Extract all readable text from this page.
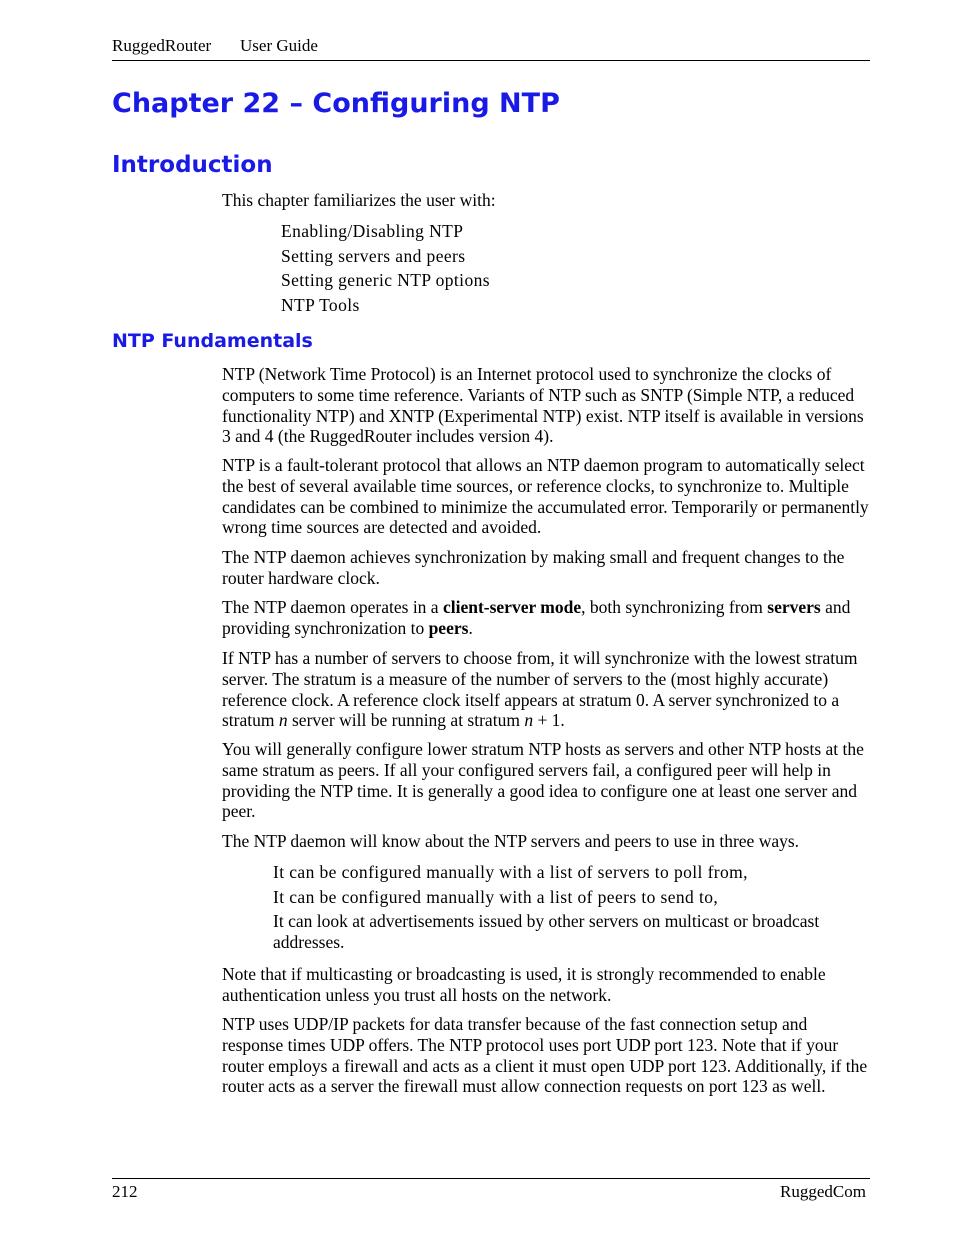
RuggedRouter User Guide
Chapter 22 – Configuring NTP
Introduction

This chapter familiarizes the user with:

Enabling/Disabling NTP
Setting servers and peers
Setting generic NTP options
NTP Tools
NTP Fundamentals

NTP (Network Time Protocol) is an Internet protocol used to synchronize the clocks of computers to some time reference. Variants of NTP such as SNTP (Simple NTP, a reduced functionality NTP) and XNTP (Experimental NTP) exist. NTP itself is available in versions 3 and 4 (the RuggedRouter includes version 4).

NTP is a fault-tolerant protocol that allows an NTP daemon program to automatically select the best of several available time sources, or reference clocks, to synchronize to. Multiple candidates can be combined to minimize the accumulated error. Temporarily or permanently wrong time sources are detected and avoided.

The NTP daemon achieves synchronization by making small and frequent changes to the router hardware clock.

The NTP daemon operates in a client-server mode, both synchronizing from servers and providing synchronization to peers.

If NTP has a number of servers to choose from, it will synchronize with the lowest stratum server. The stratum is a measure of the number of servers to the (most highly accurate) reference clock. A reference clock itself appears at stratum 0. A server synchronized to a stratum n server will be running at stratum n + 1.

You will generally configure lower stratum NTP hosts as servers and other NTP hosts at the same stratum as peers. If all your configured servers fail, a configured peer will help in providing the NTP time. It is generally a good idea to configure one at least one server and peer.

The NTP daemon will know about the NTP servers and peers to use in three ways.

It can be configured manually with a list of servers to poll from,
It can be configured manually with a list of peers to send to,
It can look at advertisements issued by other servers on multicast or broadcast addresses.

Note that if multicasting or broadcasting is used, it is strongly recommended to enable authentication unless you trust all hosts on the network.

NTP uses UDP/IP packets for data transfer because of the fast connection setup and response times UDP offers. The NTP protocol uses port UDP port 123. Note that if your router employs a firewall and acts as a client it must open UDP port 123. Additionally, if the router acts as a server the firewall must allow connection requests on port 123 as well.

212	RuggedCom
